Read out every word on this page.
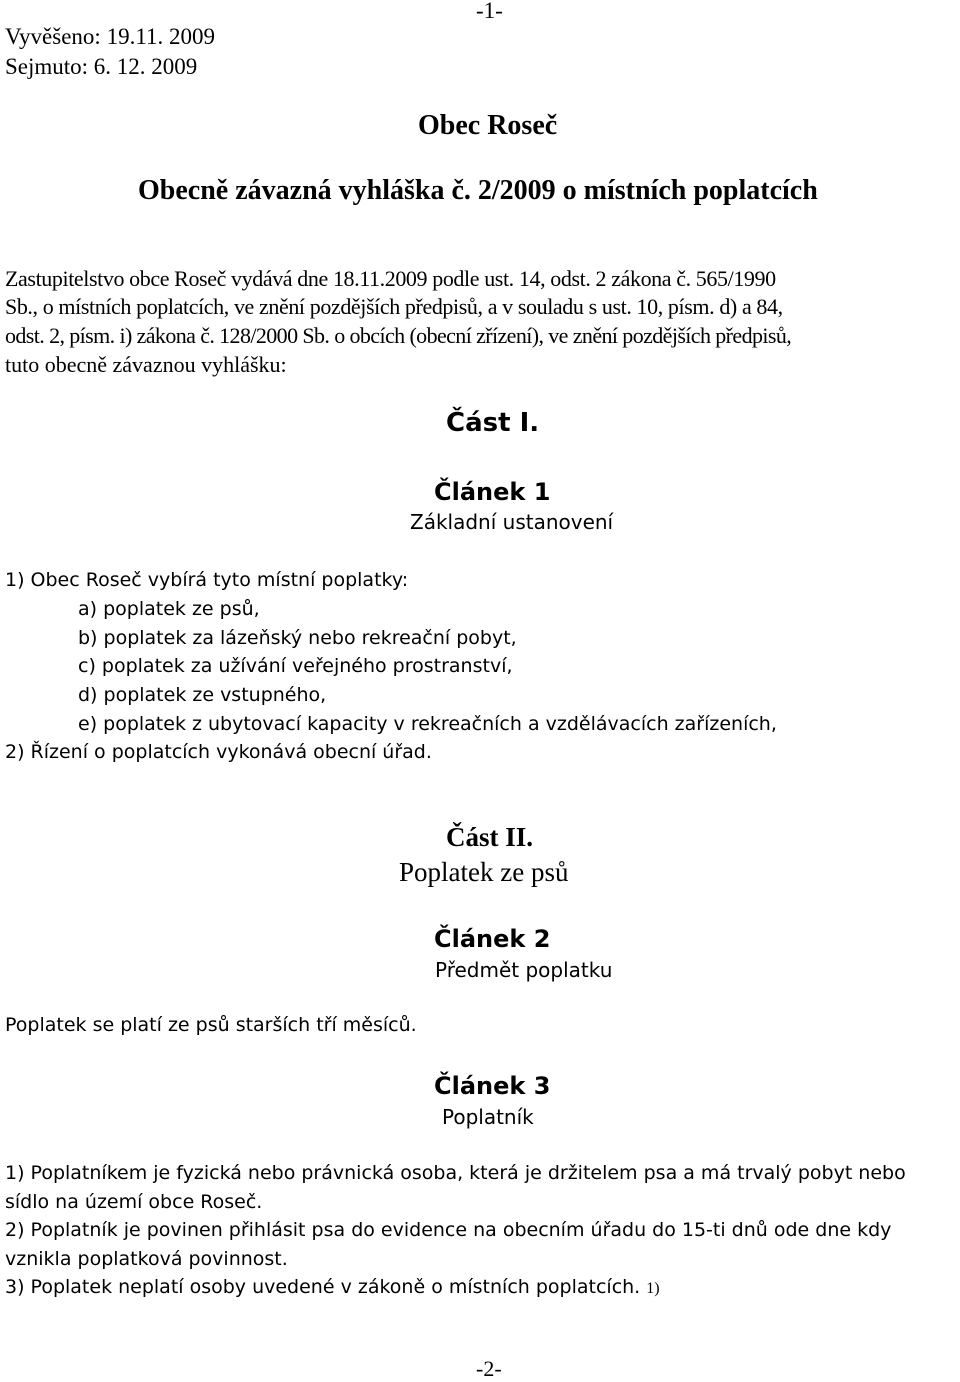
Vyvěšeno: 19.11. 2009
Sejmuto: 6. 12. 2009
-1-
Obec Roseč
Obecně závazná vyhláška č. 2/2009 o místních poplatcích
Zastupitelstvo obce Roseč vydává dne 18.11.2009 podle ust. 14, odst. 2 zákona č. 565/1990
Sb., o místních poplatcích, ve znění pozdějších předpisů, a v souladu s ust. 10, písm. d) a 84,
odst. 2, písm. i) zákona č. 128/2000 Sb. o obcích (obecní zřízení), ve znění pozdějších předpisů,
tuto obecně závaznou vyhlášku:
Část I.
Článek 1
Základní ustanovení
1) Obec Roseč vybírá tyto místní poplatky:
a) poplatek ze psů,
b) poplatek za lázeňský nebo rekreační pobyt,
c) poplatek za užívání veřejného prostranství,
d) poplatek ze vstupného,
e) poplatek z ubytovací kapacity v rekreačních a vzdělávacích zařízeních,
2) Řízení o poplatcích vykonává obecní úřad.
Část II.
Poplatek ze psů
Článek 2
Předmět poplatku
Poplatek se platí ze psů starších tří měsíců.
Článek 3
Poplatník
1) Poplatníkem je fyzická nebo právnická osoba, která je držitelem psa a má trvalý pobyt nebo
sídlo na území obce Roseč.
2) Poplatník je povinen přihlásit psa do evidence na obecním úřadu do 15-ti dnů ode dne kdy
vznikla poplatková povinnost.
3) Poplatek neplatí osoby uvedené v zákoně o místních poplatcích. 1)
-2-
